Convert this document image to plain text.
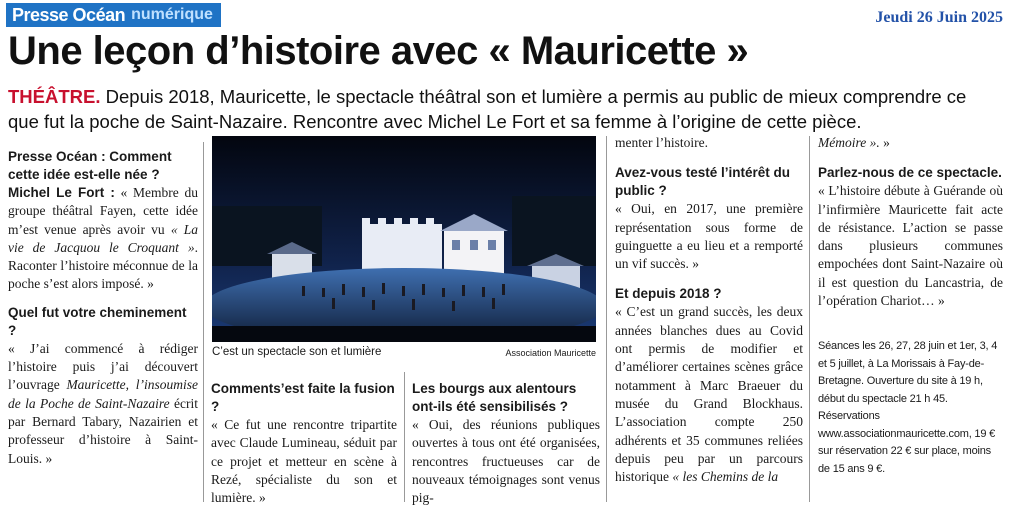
Presse Océan numérique	Jeudi 26 Juin 2025
Une leçon d’histoire avec « Mauricette »
THÉÂTRE. Depuis 2018, Mauricette, le spectacle théâtral son et lumière a permis au public de mieux comprendre ce que fut la poche de Saint-Nazaire. Rencontre avec Michel Le Fort et sa femme à l’origine de cette pièce.

Presse Océan : Comment cette idée est-elle née ?

Michel Le Fort : « Membre du groupe théâtral Fayen, cette idée m’est venue après avoir vu « La vie de Jacquou le Croquant ». Raconter l’histoire méconnue de la poche s’est alors imposé. »

Quel fut votre cheminement ?

« J’ai commencé à rédiger l’histoire puis j’ai découvert l’ouvrage Mauricette, l’insoumise de la Poche de Saint-Nazaire écrit par Bernard Tabary, Nazairien et professeur d’histoire à Saint-Louis. »

C’est un spectacle son et lumière	Association Mauricette

Comments’est faite la fusion ?

« Ce fut une rencontre tripartite avec Claude Lumineau, séduit par ce projet et metteur en scène à Rezé, spécialiste du son et lumière. »

Les bourgs aux alentours ont-ils été sensibilisés ?

« Oui, des réunions publiques ouvertes à tous ont été organisées, rencontres fructueuses car de nouveaux témoignages sont venus pig-

menter l’histoire.

Avez-vous testé l’intérêt du public ?

« Oui, en 2017, une première représentation sous forme de guinguette a eu lieu et a remporté un vif succès. »

Et depuis 2018 ?

« C’est un grand succès, les deux années blanches dues au Covid ont permis de modifier et d’améliorer certaines scènes grâce notamment à Marc Braeuer du musée du Grand Blockhaus. L’association compte 250 adhérents et 35 communes reliées depuis peu par un parcours historique « les Chemins de la

Mémoire ». »

Parlez-nous de ce spectacle.

« L’histoire débute à Guérande où l’infirmière Mauricette fait acte de résistance. L’action se passe dans plusieurs communes empochées dont Saint-Nazaire où il est question du Lancastria, de l’opération Chariot… »

Séances les 26, 27, 28 juin et 1er, 3, 4 et 5 juillet, à La Morissais à Fay-de-Bretagne. Ouverture du site à 19 h, début du spectacle 21 h 45. Réservations www.associationmauricette.com, 19 € sur réservation 22 € sur place, moins de 15 ans 9 €.
